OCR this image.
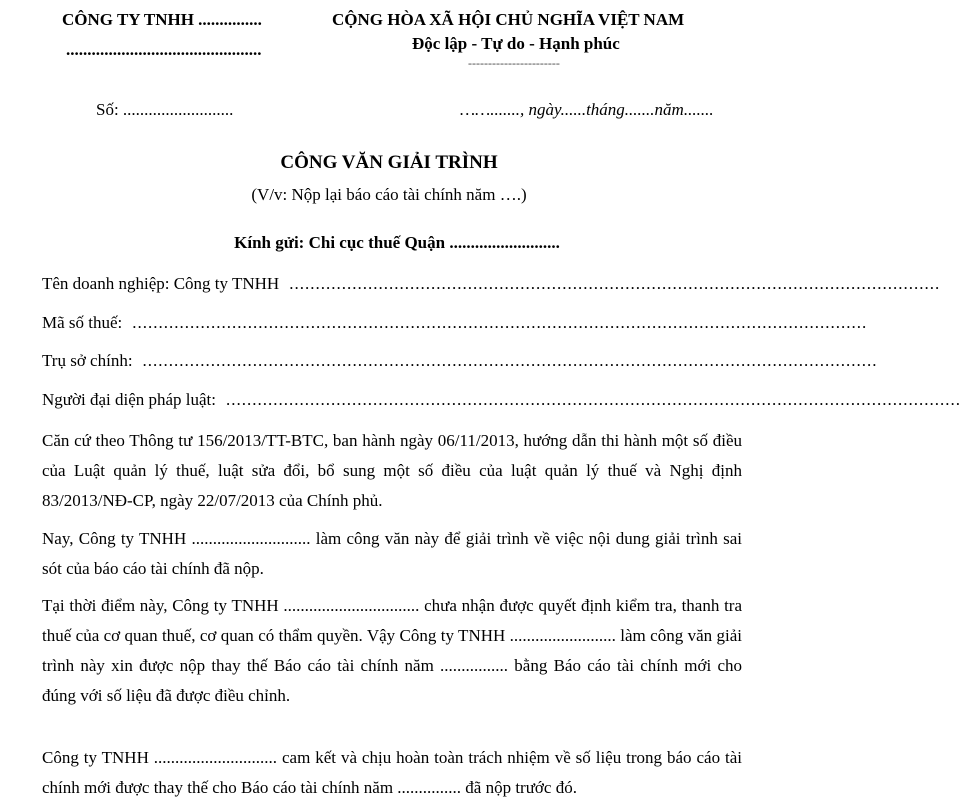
CÔNG TY TNHH ...............
..............................................
CỘNG HÒA XÃ HỘI CHỦ NGHĨA VIỆT NAM
Độc lập - Tự do - Hạnh phúc
-----------------------
Số: ..........................	……......., ngày......tháng.......năm.......
CÔNG VĂN GIẢI TRÌNH
(V/v: Nộp lại báo cáo tài chính năm ….)
Kính gửi: Chi cục thuế Quận ..........................
Tên doanh nghiệp: Công ty TNHH ............................................................................................................................
Mã số thuế: ............................................................................................................................................
Trụ sở chính: ............................................................................................................................................
Người đại diện pháp luật: ............................................................................................................................................
Căn cứ theo Thông tư 156/2013/TT-BTC, ban hành ngày 06/11/2013, hướng dẫn thi hành một số điều của Luật quản lý thuế, luật sửa đổi, bổ sung một số điều của luật quản lý thuế và Nghị định 83/2013/NĐ-CP, ngày 22/07/2013 của Chính phủ.
Nay, Công ty TNHH ............................ làm công văn này để giải trình về việc nội dung giải trình sai sót của báo cáo tài chính đã nộp.
Tại thời điểm này, Công ty TNHH ................................ chưa nhận được quyết định kiểm tra, thanh tra thuế của cơ quan thuế, cơ quan có thẩm quyền. Vậy Công ty TNHH ......................... làm công văn giải trình này xin được nộp thay thế Báo cáo tài chính năm ................ bằng Báo cáo tài chính mới cho đúng với số liệu đã được điều chỉnh.
Công ty TNHH ............................. cam kết và chịu hoàn toàn trách nhiệm về số liệu trong báo cáo tài chính mới được thay thế cho Báo cáo tài chính năm ............... đã nộp trước đó.
